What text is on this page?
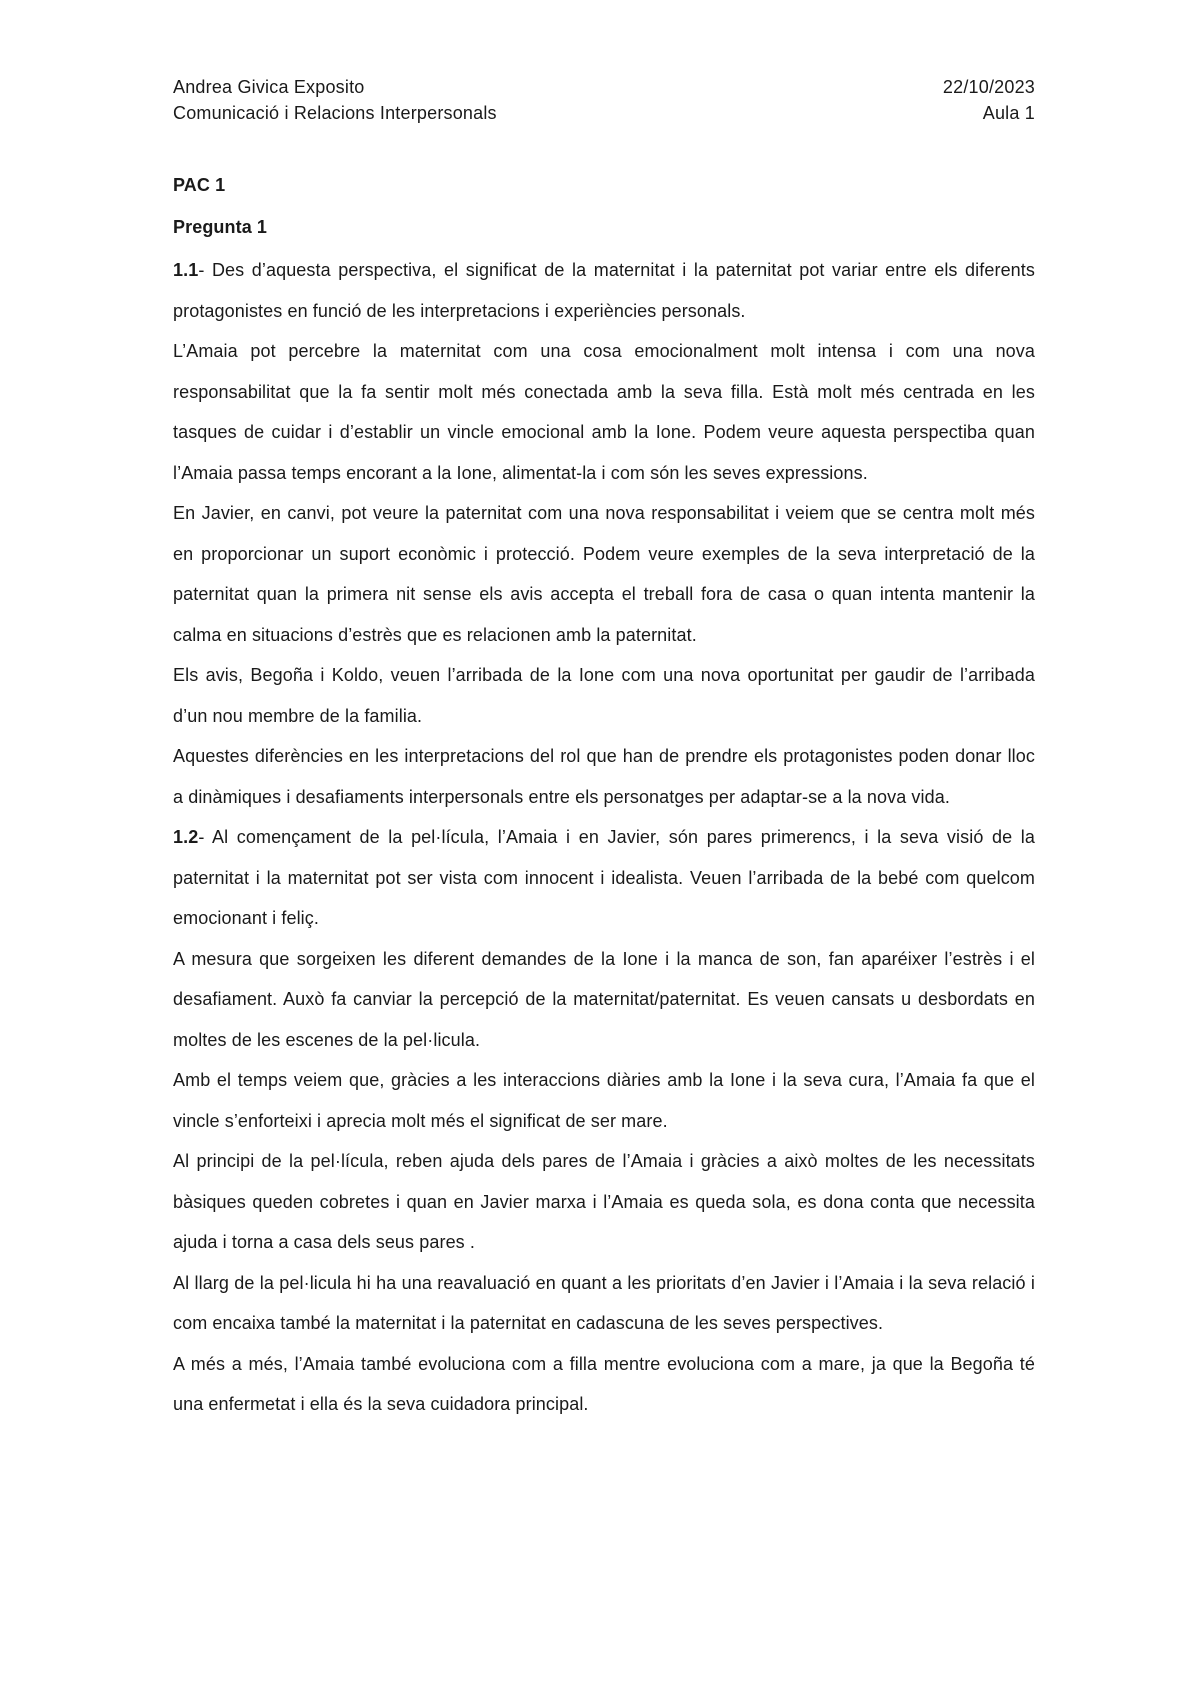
Andrea Givica Exposito	22/10/2023
Comunicació i Relacions Interpersonals	Aula 1

PAC 1

Pregunta 1

1.1- Des d’aquesta perspectiva, el significat de la maternitat i la paternitat pot variar entre els diferents protagonistes en funció de les interpretacions i experiències personals.

L’Amaia pot percebre la maternitat com una cosa emocionalment molt intensa i com una nova responsabilitat que la fa sentir molt més conectada amb la seva filla. Està molt més centrada en les tasques de cuidar i d’establir un vincle emocional amb la Ione. Podem veure aquesta perspectiba quan l’Amaia passa temps encorant a la Ione, alimentat-la i com són les seves expressions.

En Javier, en canvi, pot veure la paternitat com una nova responsabilitat i veiem que se centra molt més en proporcionar un suport econòmic i protecció. Podem veure exemples de la seva interpretació de la paternitat quan la primera nit sense els avis accepta el treball fora de casa o quan intenta mantenir la calma en situacions d’estrès que es relacionen amb la paternitat.

Els avis, Begoña i Koldo, veuen l’arribada de la Ione com una nova oportunitat per gaudir de l’arribada d’un nou membre de la familia.

Aquestes diferències en les interpretacions del rol que han de prendre els protagonistes poden donar lloc a dinàmiques i desafiaments interpersonals entre els personatges per adaptar-se a la nova vida.

1.2- Al començament de la pel·lícula, l’Amaia i en Javier, són pares primerencs, i la seva visió de la paternitat i la maternitat pot ser vista com innocent i idealista. Veuen l’arribada de la bebé com quelcom emocionant i feliç.

A mesura que sorgeixen les diferent demandes de la Ione i la manca de son, fan aparéixer l’estrès i el desafiament. Auxò fa canviar la percepció de la maternitat/paternitat. Es veuen cansats u desbordats en moltes de les escenes de la pel·licula.

Amb el temps veiem que, gràcies a les interaccions diàries amb la Ione i la seva cura, l’Amaia fa que el vincle s’enforteixi i aprecia molt més el significat de ser mare.

Al principi de la pel·lícula, reben ajuda dels pares de l’Amaia i gràcies a això moltes de les necessitats bàsiques queden cobretes i quan en Javier marxa i l’Amaia es queda sola, es dona conta que necessita ajuda i torna a casa dels seus pares .

Al llarg de la pel·licula hi ha una reavaluació en quant a les prioritats d’en Javier i l’Amaia i la seva relació i com encaixa també la maternitat i la paternitat en cadascuna de les seves perspectives.

A més a més, l’Amaia també evoluciona com a filla mentre evoluciona com a mare, ja que la Begoña té una enfermetat i ella és la seva cuidadora principal.
